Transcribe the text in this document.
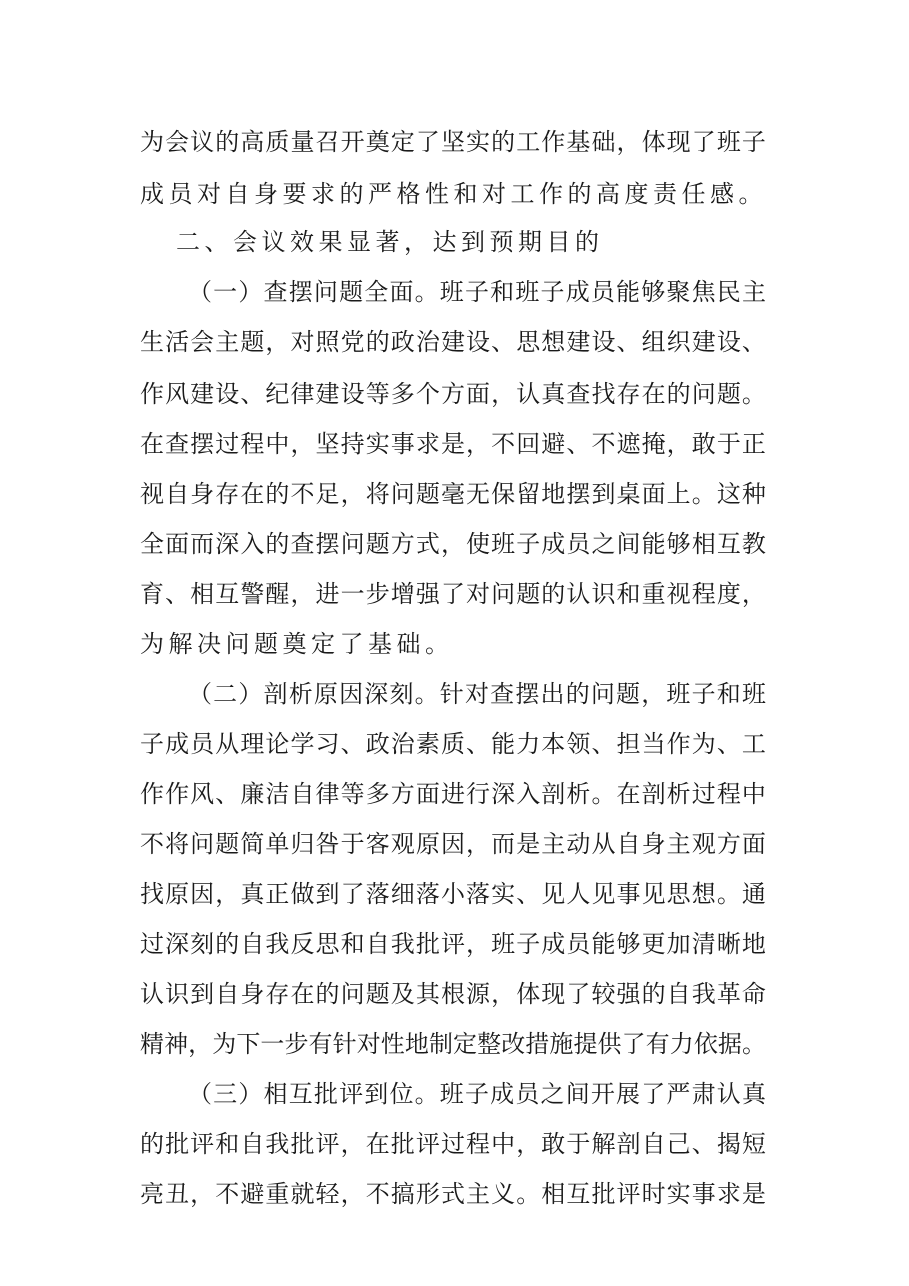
为会议的高质量召开奠定了坚实的工作基础，体现了班子
成员对自身要求的严格性和对工作的高度责任感。
二、会议效果显著，达到预期目的
（一）查摆问题全面。班子和班子成员能够聚焦民主
生活会主题，对照党的政治建设、思想建设、组织建设、
作风建设、纪律建设等多个方面，认真查找存在的问题。
在查摆过程中，坚持实事求是，不回避、不遮掩，敢于正
视自身存在的不足，将问题毫无保留地摆到桌面上。这种
全面而深入的查摆问题方式，使班子成员之间能够相互教
育、相互警醒，进一步增强了对问题的认识和重视程度，
为解决问题奠定了基础。
（二）剖析原因深刻。针对查摆出的问题，班子和班
子成员从理论学习、政治素质、能力本领、担当作为、工
作作风、廉洁自律等多方面进行深入剖析。在剖析过程中
不将问题简单归咎于客观原因，而是主动从自身主观方面
找原因，真正做到了落细落小落实、见人见事见思想。通
过深刻的自我反思和自我批评，班子成员能够更加清晰地
认识到自身存在的问题及其根源，体现了较强的自我革命
精神，为下一步有针对性地制定整改措施提供了有力依据。
（三）相互批评到位。班子成员之间开展了严肃认真
的批评和自我批评，在批评过程中，敢于解剖自己、揭短
亮丑，不避重就轻，不搞形式主义。相互批评时实事求是
